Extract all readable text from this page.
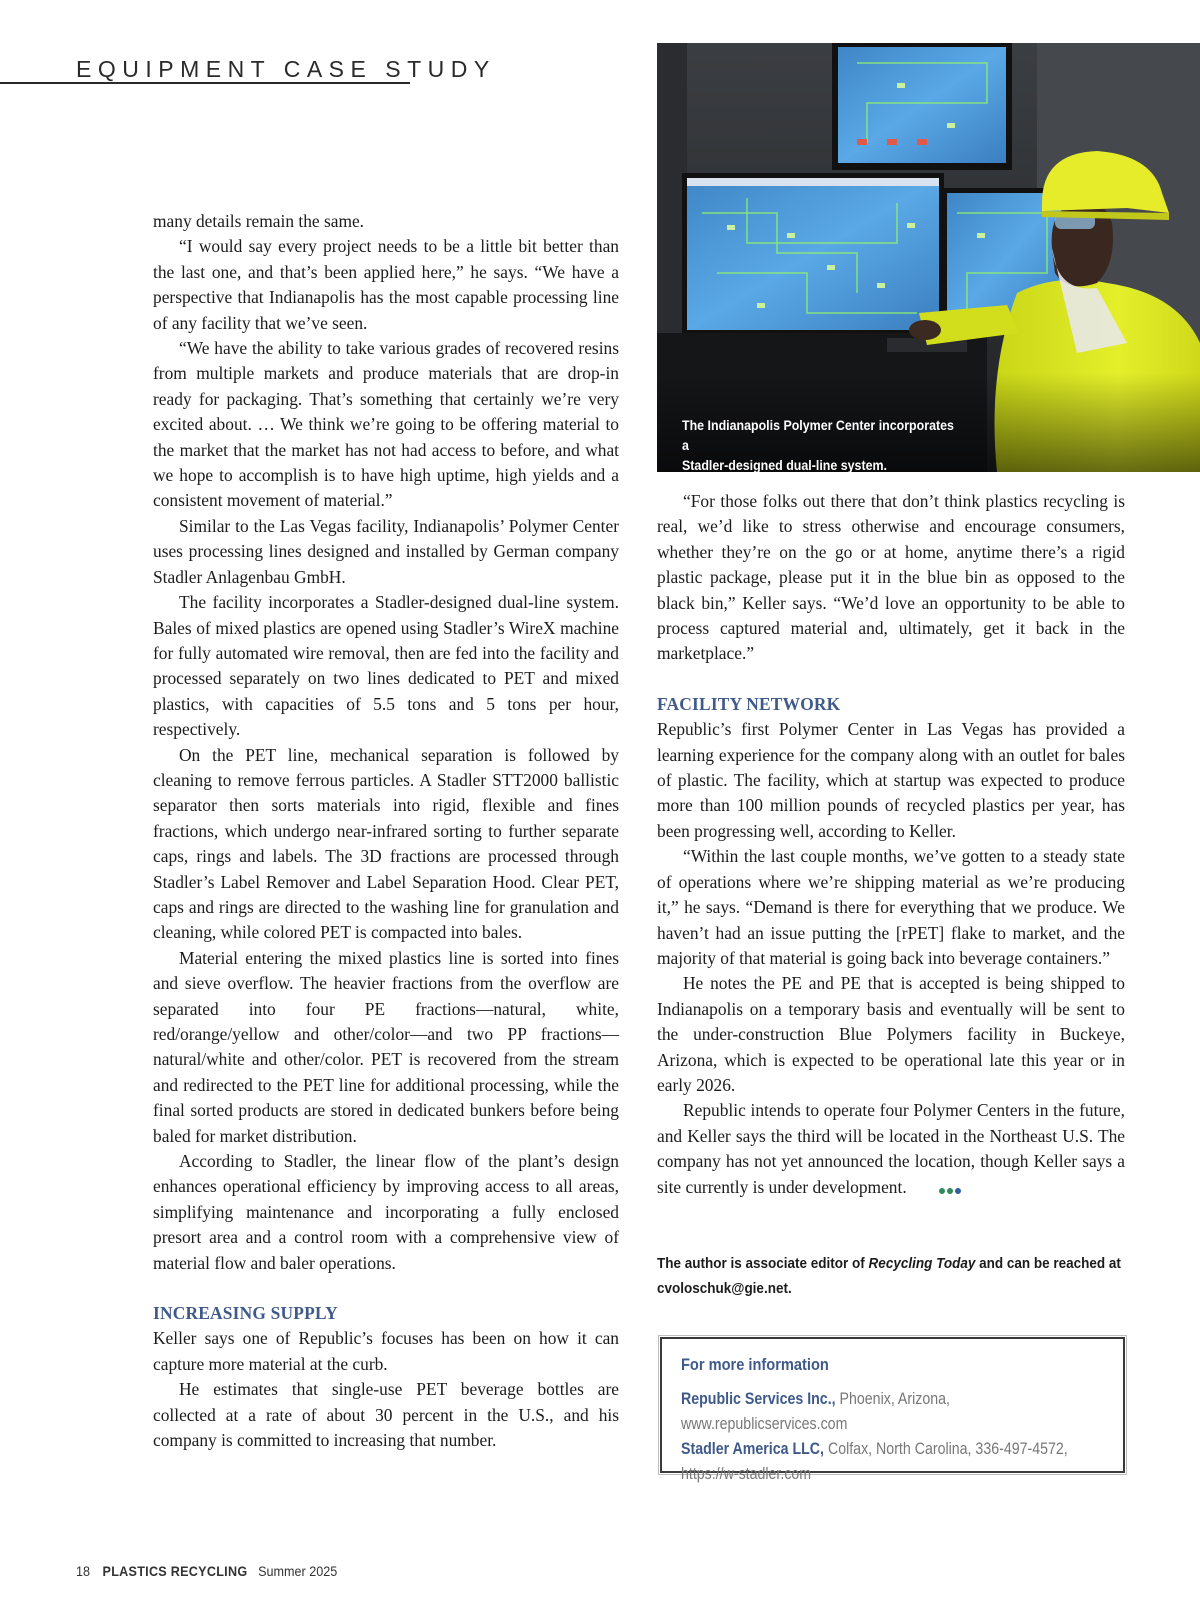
EQUIPMENT CASE STUDY
The Indianapolis Polymer Center incorporates a
Stadler-designed dual-line system.

many details remain the same.

“I would say every project needs to be a little bit better than the last one, and that’s been applied here,” he says. “We have a perspective that Indianapolis has the most capable processing line of any facility that we’ve seen.

“We have the ability to take various grades of recovered resins from multiple markets and produce materials that are drop-in ready for packaging. That’s something that certainly we’re very excited about. … We think we’re going to be offering material to the market that the market has not had access to before, and what we hope to accomplish is to have high uptime, high yields and a consistent movement of material.”

Similar to the Las Vegas facility, Indianapolis’ Polymer Center uses processing lines designed and installed by German company Stadler Anlagenbau GmbH.

The facility incorporates a Stadler-designed dual-line system. Bales of mixed plastics are opened using Stadler’s WireX machine for fully automated wire removal, then are fed into the facility and processed separately on two lines dedicated to PET and mixed plastics, with capacities of 5.5 tons and 5 tons per hour, respectively.

On the PET line, mechanical separation is followed by cleaning to remove ferrous particles. A Stadler STT2000 ballistic separator then sorts materials into rigid, flexible and fines fractions, which undergo near-infrared sorting to further separate caps, rings and labels. The 3D fractions are processed through Stadler’s Label Remover and Label Separation Hood. Clear PET, caps and rings are directed to the washing line for granulation and cleaning, while colored PET is compacted into bales.

Material entering the mixed plastics line is sorted into fines and sieve overflow. The heavier fractions from the overflow are separated into four PE fractions—natural, white, red/orange/yellow and other/color—and two PP fractions—natural/white and other/color. PET is recovered from the stream and redirected to the PET line for additional processing, while the final sorted products are stored in dedicated bunkers before being baled for market distribution.

According to Stadler, the linear flow of the plant’s design enhances operational efficiency by improving access to all areas, simplifying maintenance and incorporating a fully enclosed presort area and a control room with a comprehensive view of material flow and baler operations.

INCREASING SUPPLY

Keller says one of Republic’s focuses has been on how it can capture more material at the curb.

He estimates that single-use PET beverage bottles are collected at a rate of about 30 percent in the U.S., and his company is committed to increasing that number.

“For those folks out there that don’t think plastics recycling is real, we’d like to stress otherwise and encourage consumers, whether they’re on the go or at home, anytime there’s a rigid plastic package, please put it in the blue bin as opposed to the black bin,” Keller says. “We’d love an opportunity to be able to process captured material and, ultimately, get it back in the marketplace.”

FACILITY NETWORK

Republic’s first Polymer Center in Las Vegas has provided a learning experience for the company along with an outlet for bales of plastic. The facility, which at startup was expected to produce more than 100 million pounds of recycled plastics per year, has been progressing well, according to Keller.

“Within the last couple months, we’ve gotten to a steady state of operations where we’re shipping material as we’re producing it,” he says. “Demand is there for everything that we produce. We haven’t had an issue putting the [rPET] flake to market, and the majority of that material is going back into beverage containers.”

He notes the PE and PE that is accepted is being shipped to Indianapolis on a temporary basis and eventually will be sent to the under-construction Blue Polymers facility in Buckeye, Arizona, which is expected to be operational late this year or in early 2026.

Republic intends to operate four Polymer Centers in the future, and Keller says the third will be located in the Northeast U.S. The company has not yet announced the location, though Keller says a site currently is under development.

The author is associate editor of Recycling Today and can be reached at
cvoloschuk@gie.net.
For more information
Republic Services Inc., Phoenix, Arizona, www.republicservices.com
Stadler America LLC, Colfax, North Carolina, 336-497-4572,
https://w-stadler.com
18 PLASTICS RECYCLING Summer 2025
